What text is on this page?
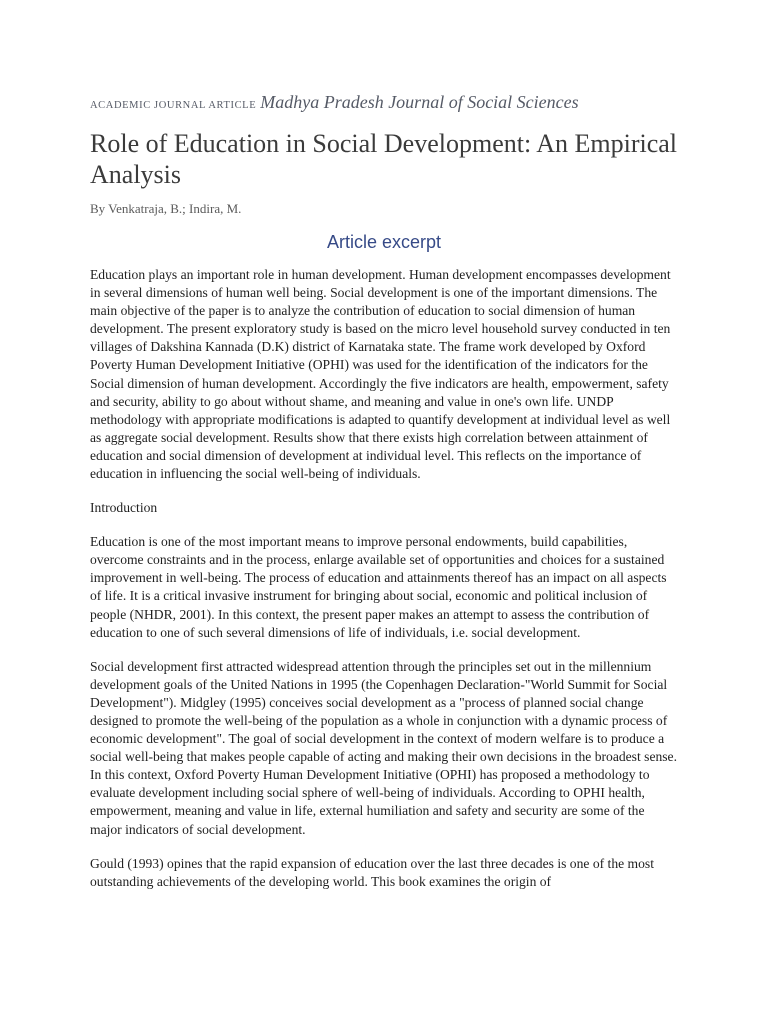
ACADEMIC JOURNAL ARTICLE Madhya Pradesh Journal of Social Sciences
Role of Education in Social Development: An Empirical Analysis
By Venkatraja, B.; Indira, M.
Article excerpt

Education plays an important role in human development. Human development encompasses development in several dimensions of human well being. Social development is one of the important dimensions. The main objective of the paper is to analyze the contribution of education to social dimension of human development. The present exploratory study is based on the micro level household survey conducted in ten villages of Dakshina Kannada (D.K) district of Karnataka state. The frame work developed by Oxford Poverty Human Development Initiative (OPHI) was used for the identification of the indicators for the Social dimension of human development. Accordingly the five indicators are health, empowerment, safety and security, ability to go about without shame, and meaning and value in one's own life. UNDP methodology with appropriate modifications is adapted to quantify development at individual level as well as aggregate social development. Results show that there exists high correlation between attainment of education and social dimension of development at individual level. This reflects on the importance of education in influencing the social well-being of individuals.

Introduction

Education is one of the most important means to improve personal endowments, build capabilities, overcome constraints and in the process, enlarge available set of opportunities and choices for a sustained improvement in well-being. The process of education and attainments thereof has an impact on all aspects of life. It is a critical invasive instrument for bringing about social, economic and political inclusion of people (NHDR, 2001). In this context, the present paper makes an attempt to assess the contribution of education to one of such several dimensions of life of individuals, i.e. social development.

Social development first attracted widespread attention through the principles set out in the millennium development goals of the United Nations in 1995 (the Copenhagen Declaration-"World Summit for Social Development"). Midgley (1995) conceives social development as a "process of planned social change designed to promote the well-being of the population as a whole in conjunction with a dynamic process of economic development". The goal of social development in the context of modern welfare is to produce a social well-being that makes people capable of acting and making their own decisions in the broadest sense. In this context, Oxford Poverty Human Development Initiative (OPHI) has proposed a methodology to evaluate development including social sphere of well-being of individuals. According to OPHI health, empowerment, meaning and value in life, external humiliation and safety and security are some of the major indicators of social development.

Gould (1993) opines that the rapid expansion of education over the last three decades is one of the most outstanding achievements of the developing world. This book examines the origin of
